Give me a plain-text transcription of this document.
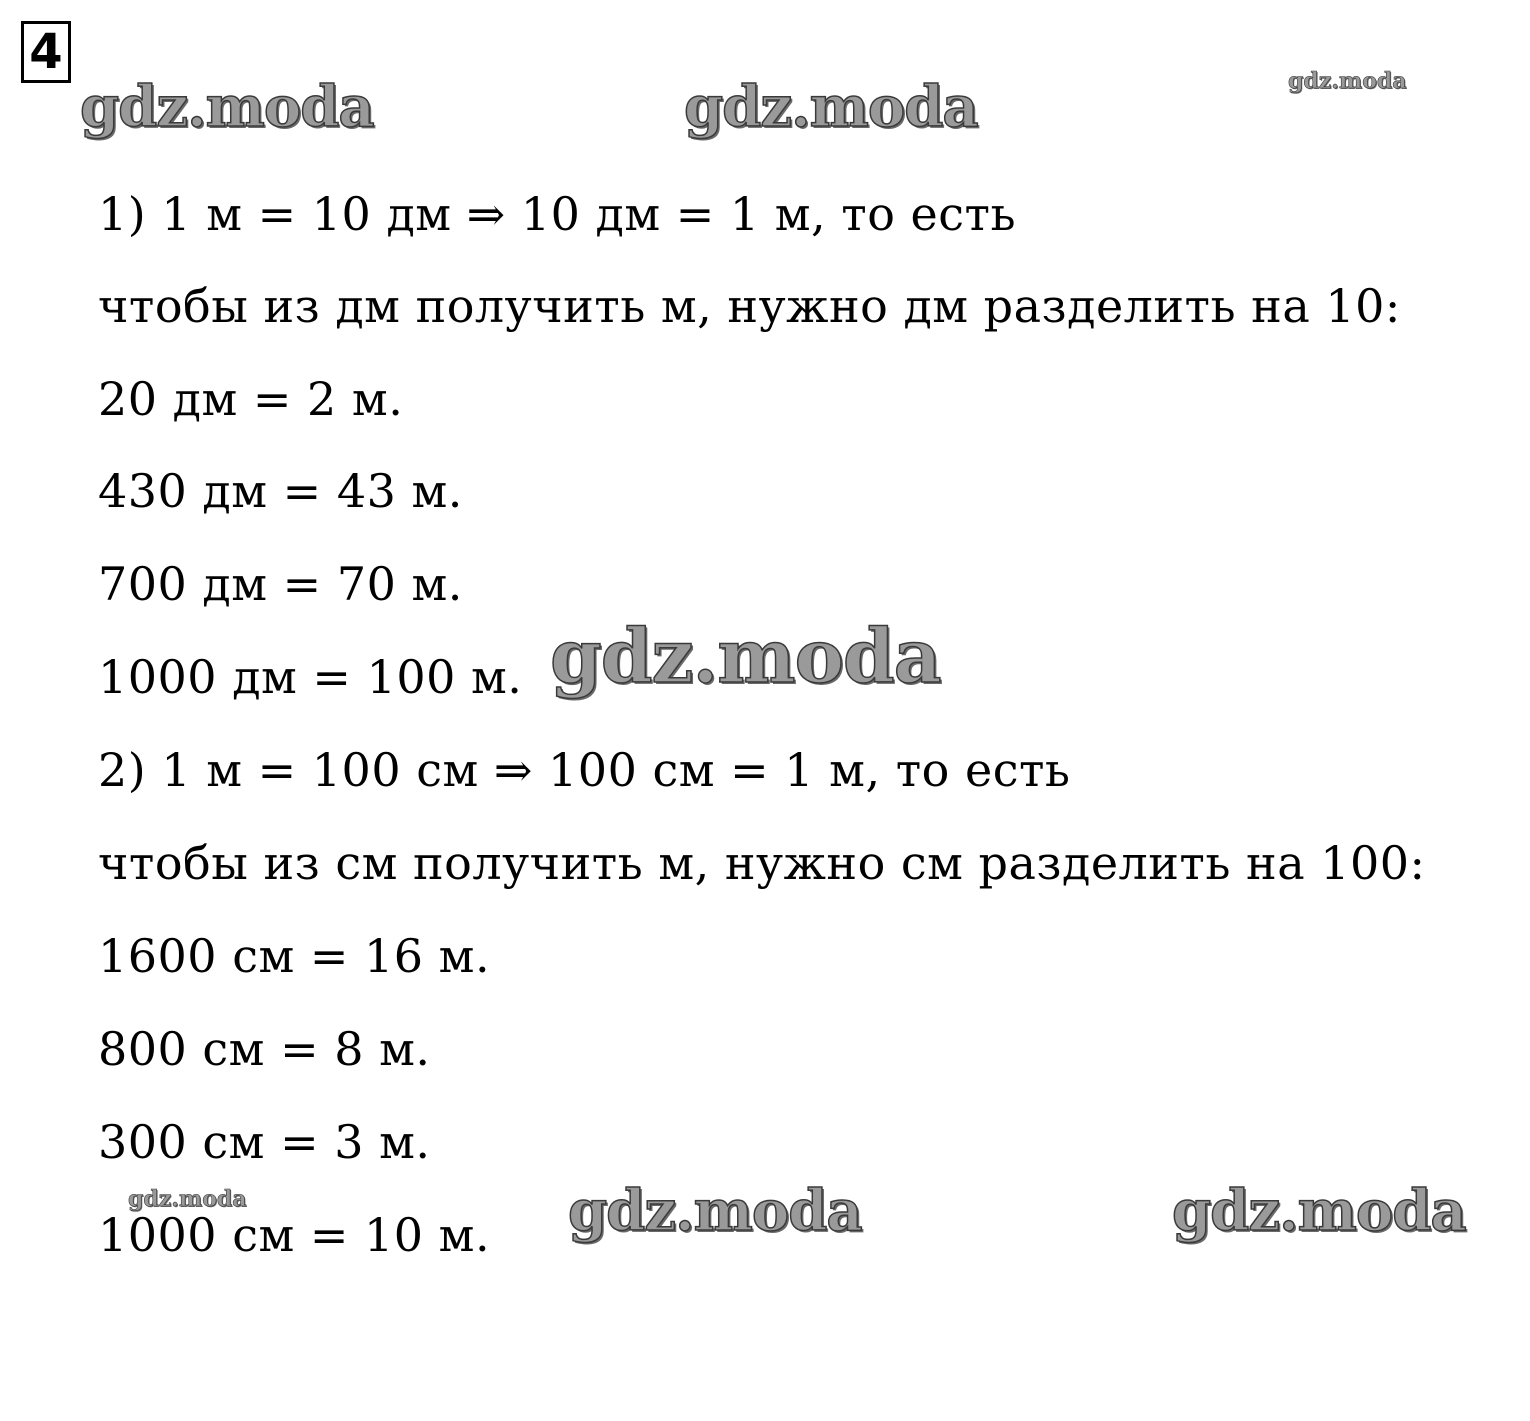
4
1) 1 м = 10 дм ⇒ 10 дм = 1 м, то есть
чтобы из дм получить м, нужно дм разделить на 10:
20 дм = 2 м.
430 дм = 43 м.
700 дм = 70 м.
1000 дм = 100 м.
2) 1 м = 100 см ⇒ 100 см = 1 м, то есть
чтобы из см получить м, нужно см разделить на 100:
1600 см = 16 м.
800 см = 8 м.
300 см = 3 м.
1000 см = 10 м.
gdz.moda	gdz.moda	gdz.moda
gdz.moda
gdz.moda	gdz.moda	gdz.moda
